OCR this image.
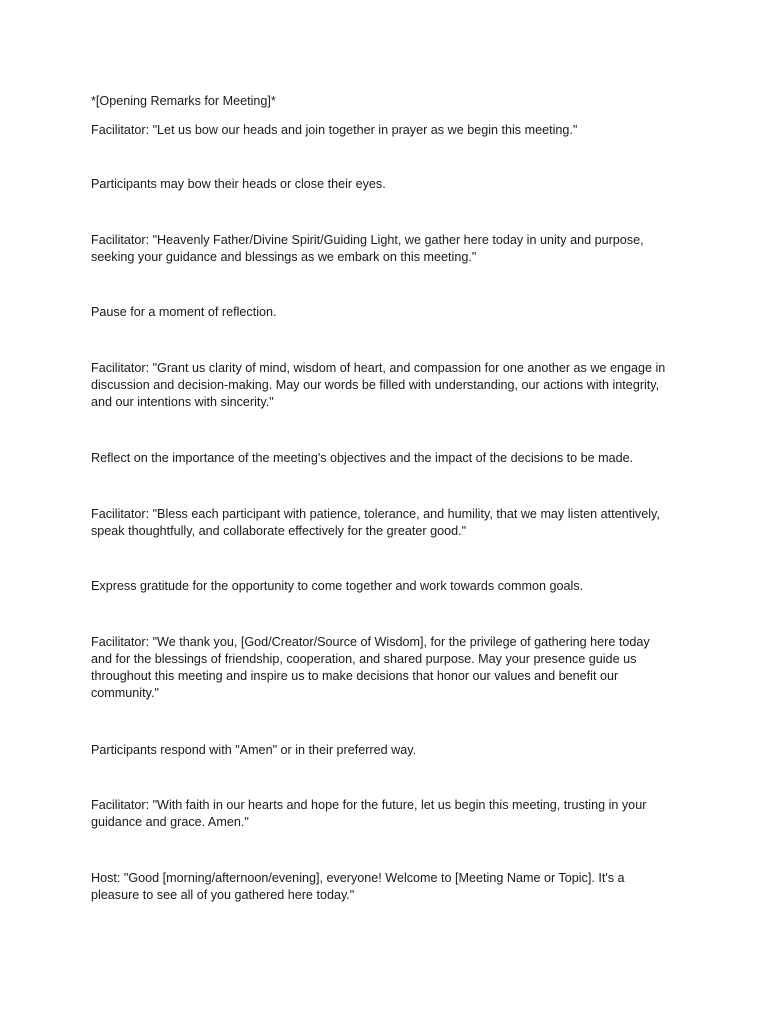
*[Opening Remarks for Meeting]*

Facilitator: "Let us bow our heads and join together in prayer as we begin this meeting."

Participants may bow their heads or close their eyes.

Facilitator: "Heavenly Father/Divine Spirit/Guiding Light, we gather here today in unity and purpose,
seeking your guidance and blessings as we embark on this meeting."

Pause for a moment of reflection.

Facilitator: "Grant us clarity of mind, wisdom of heart, and compassion for one another as we engage in
discussion and decision-making. May our words be filled with understanding, our actions with integrity,
and our intentions with sincerity."

Reflect on the importance of the meeting's objectives and the impact of the decisions to be made.

Facilitator: "Bless each participant with patience, tolerance, and humility, that we may listen attentively,
speak thoughtfully, and collaborate effectively for the greater good."

Express gratitude for the opportunity to come together and work towards common goals.

Facilitator: "We thank you, [God/Creator/Source of Wisdom], for the privilege of gathering here today
and for the blessings of friendship, cooperation, and shared purpose. May your presence guide us
throughout this meeting and inspire us to make decisions that honor our values and benefit our
community."

Participants respond with "Amen" or in their preferred way.

Facilitator: "With faith in our hearts and hope for the future, let us begin this meeting, trusting in your
guidance and grace. Amen."

Host: "Good [morning/afternoon/evening], everyone! Welcome to [Meeting Name or Topic]. It's a
pleasure to see all of you gathered here today."
